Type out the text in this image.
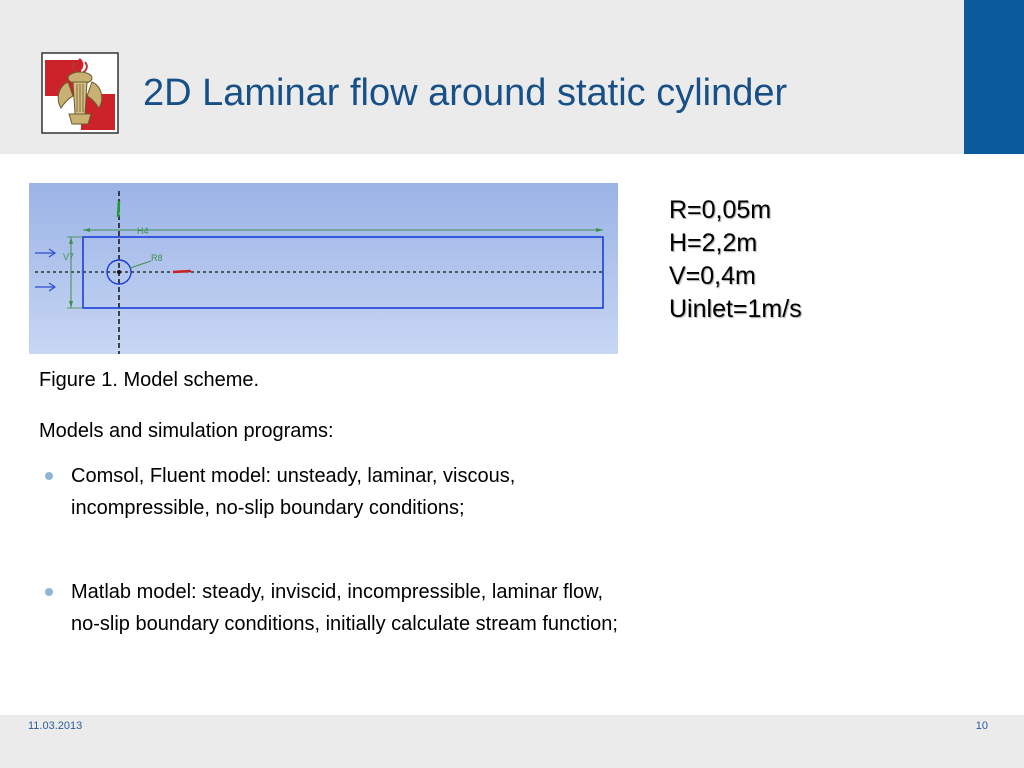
2D Laminar flow around static cylinder
H4
V7	R8
R=0,05m
H=2,2m
V=0,4m
Uinlet=1m/s
Figure 1. Model scheme.
Models and simulation programs:
Comsol, Fluent model: unsteady, laminar, viscous,
incompressible, no-slip boundary conditions;
Matlab model: steady, inviscid, incompressible, laminar flow,
no-slip boundary conditions, initially calculate stream function;
11.03.2013	10
